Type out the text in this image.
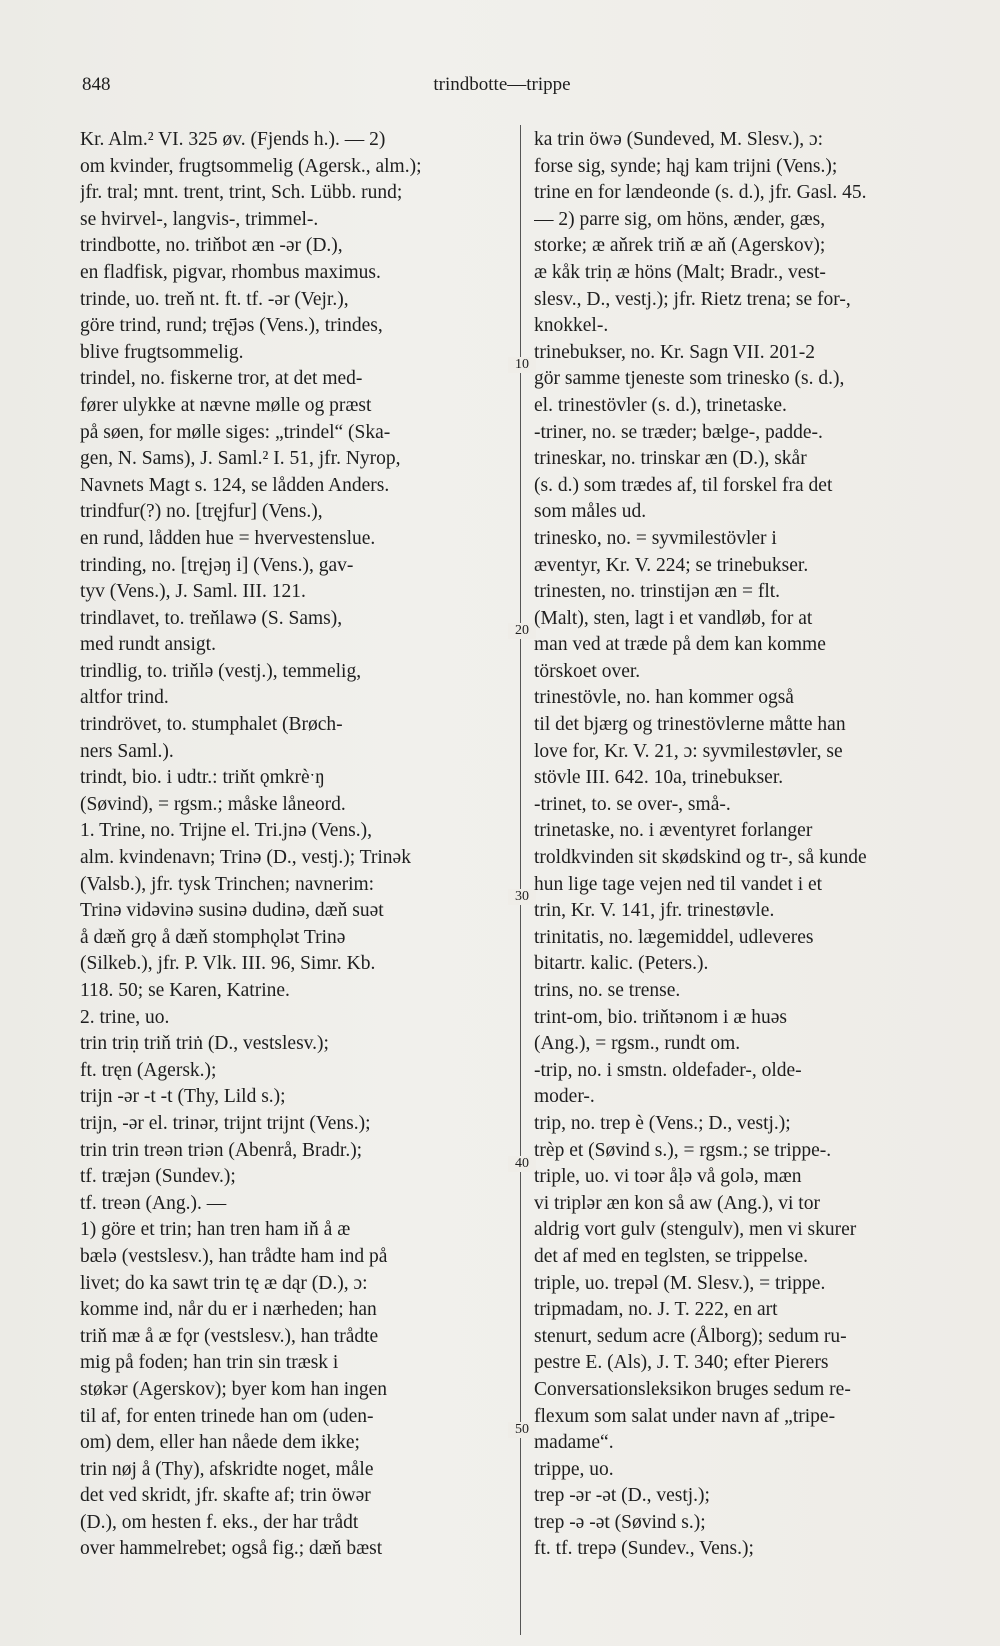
848	trindbotte—trippe
10
20
30
40
50
Kr. Alm.² VI. 325 øv. (Fjends h.). — 2)
om kvinder, frugtsommelig (Agersk., alm.);
jfr. tral; mnt. trent, trint, Sch. Lübb. rund;
se hvirvel-, langvis-, trimmel-.
trindbotte, no. triňbot æn -ər (D.),
en fladfisk, pigvar, rhombus maximus.
trinde, uo. treň nt. ft. tf. -ər (Vejr.),
göre trind, rund; trę̄jəs (Vens.), trindes,
blive frugtsommelig.
trindel, no. fiskerne tror, at det med-
fører ulykke at nævne mølle og præst
på søen, for mølle siges: „trindel“ (Ska-
gen, N. Sams), J. Saml.² I. 51, jfr. Nyrop,
Navnets Magt s. 124, se lådden Anders.
trindfur(?) no. [tręjfur] (Vens.),
en rund, lådden hue = hvervestenslue.
trinding, no. [tręjəŋ i] (Vens.), gav-
tyv (Vens.), J. Saml. III. 121.
trindlavet, to. treňlawə (S. Sams),
med rundt ansigt.
trindlig, to. triňlə (vestj.), temmelig,
altfor trind.
trindrövet, to. stumphalet (Brøch-
ners Saml.).
trindt, bio. i udtr.: triňt ǫmkrèˑŋ
(Søvind), = rgsm.; måske låneord.
1. Trine, no. Trijne el. Tri.jnə (Vens.),
alm. kvindenavn; Trinə (D., vestj.); Trinək
(Valsb.), jfr. tysk Trinchen; navnerim:
Trinə vidəvinə susinə dudinə, dæň suət
å dæň grǫ å dæň stomphǫlət Trinə
(Silkeb.), jfr. P. Vlk. III. 96, Simr. Kb.
118. 50; se Karen, Katrine.
2. trine, uo.
trin triṇ triň triṅ (D., vestslesv.);
ft. tręn (Agersk.);
trijn -ər -t -t (Thy, Lild s.);
trijn, -ər el. trinər, trijnt trijnt (Vens.);
trin trin treən triən (Abenrå, Bradr.);
tf. træjən (Sundev.);
tf. treən (Ang.). —
1) göre et trin; han tren ham iň å æ
bælə (vestslesv.), han trådte ham ind på
livet; do ka sawt trin tę æ dąr (D.), ɔ:
komme ind, når du er i nærheden; han
triň mæ å æ fǫr (vestslesv.), han trådte
mig på foden; han trin sin træsk i
støkər (Agerskov); byer kom han ingen
til af, for enten trinede han om (uden-
om) dem, eller han nåede dem ikke;
trin nøj å (Thy), afskridte noget, måle
det ved skridt, jfr. skafte af; trin öwər
(D.), om hesten f. eks., der har trådt
over hammelrebet; også fig.; dæň bæst
ka trin öwə (Sundeved, M. Slesv.), ɔ:
forse sig, synde; hąj kam trijni (Vens.);
trine en for lændeonde (s. d.), jfr. Gasl. 45.
— 2) parre sig, om höns, ænder, gæs,
storke; æ aňrek triň æ aň (Agerskov);
æ kåk triṇ æ höns (Malt; Bradr., vest-
slesv., D., vestj.); jfr. Rietz trena; se for-,
knokkel-.
trinebukser, no. Kr. Sagn VII. 201-2
gör samme tjeneste som trinesko (s. d.),
el. trinestövler (s. d.), trinetaske.
-triner, no. se træder; bælge-, padde-.
trineskar, no. trinskar æn (D.), skår
(s. d.) som trædes af, til forskel fra det
som måles ud.
trinesko, no. = syvmilestövler i
æventyr, Kr. V. 224; se trinebukser.
trinesten, no. trinstijən æn = flt.
(Malt), sten, lagt i et vandløb, for at
man ved at træde på dem kan komme
törskoet over.
trinestövle, no. han kommer også
til det bjærg og trinestövlerne måtte han
love for, Kr. V. 21, ɔ: syvmilestøvler, se
stövle III. 642. 10a, trinebukser.
-trinet, to. se over-, små-.
trinetaske, no. i æventyret forlanger
troldkvinden sit skødskind og tr-, så kunde
hun lige tage vejen ned til vandet i et
trin, Kr. V. 141, jfr. trinestøvle.
trinitatis, no. lægemiddel, udleveres
bitartr. kalic. (Peters.).
trins, no. se trense.
trint-om, bio. triňtənom i æ huəs
(Ang.), = rgsm., rundt om.
-trip, no. i smstn. oldefader-, olde-
moder-.
trip, no. trep è (Vens.; D., vestj.);
trèp et (Søvind s.), = rgsm.; se trippe-.
triple, uo. vi toər åḷə vå golə, mæn
vi triplər æn kon så aw (Ang.), vi tor
aldrig vort gulv (stengulv), men vi skurer
det af med en teglsten, se trippelse.
triple, uo. trepəl (M. Slesv.), = trippe.
tripmadam, no. J. T. 222, en art
stenurt, sedum acre (Ålborg); sedum ru-
pestre E. (Als), J. T. 340; efter Pierers
Conversationsleksikon bruges sedum re-
flexum som salat under navn af „tripe-
madame“.
trippe, uo.
trep -ər -ət (D., vestj.);
trep -ə -ət (Søvind s.);
ft. tf. trepə (Sundev., Vens.);
